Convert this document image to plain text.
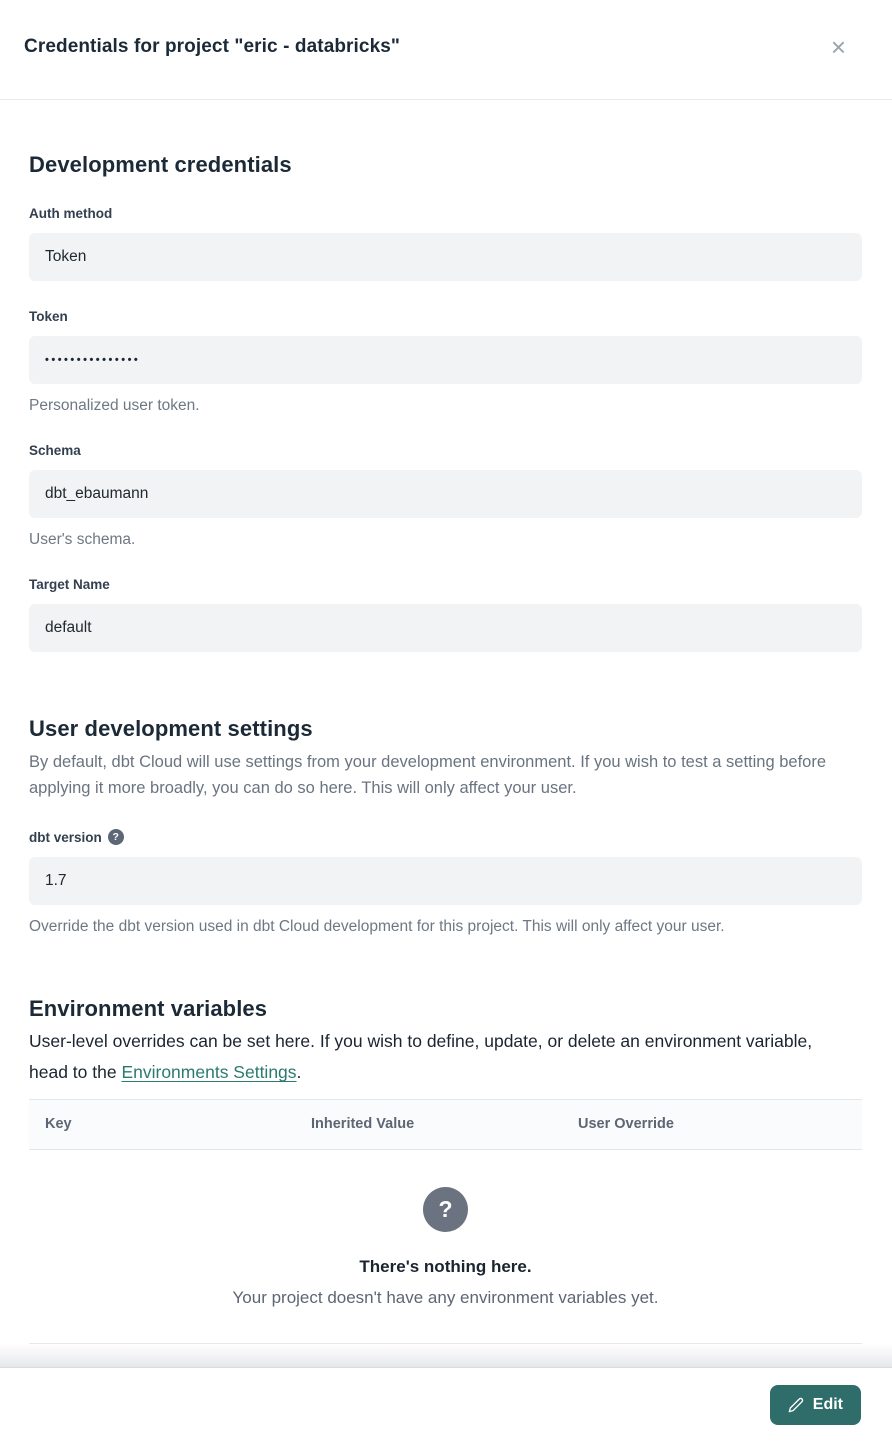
Credentials for project "eric - databricks"	×
Development credentials
Auth method
Token
Token
•••••••••••••••
Personalized user token.
Schema
dbt_ebaumann
User's schema.
Target Name
default
User development settings
By default, dbt Cloud will use settings from your development environment. If you wish to test a setting before applying it more broadly, you can do so here. This will only affect your user.
dbt version	?
1.7
Override the dbt version used in dbt Cloud development for this project. This will only affect your user.
Environment variables
User-level overrides can be set here. If you wish to define, update, or delete an environment variable, head to the Environments Settings.
Key	Inherited Value	User Override
?
There's nothing here.
Your project doesn't have any environment variables yet.
Edit
